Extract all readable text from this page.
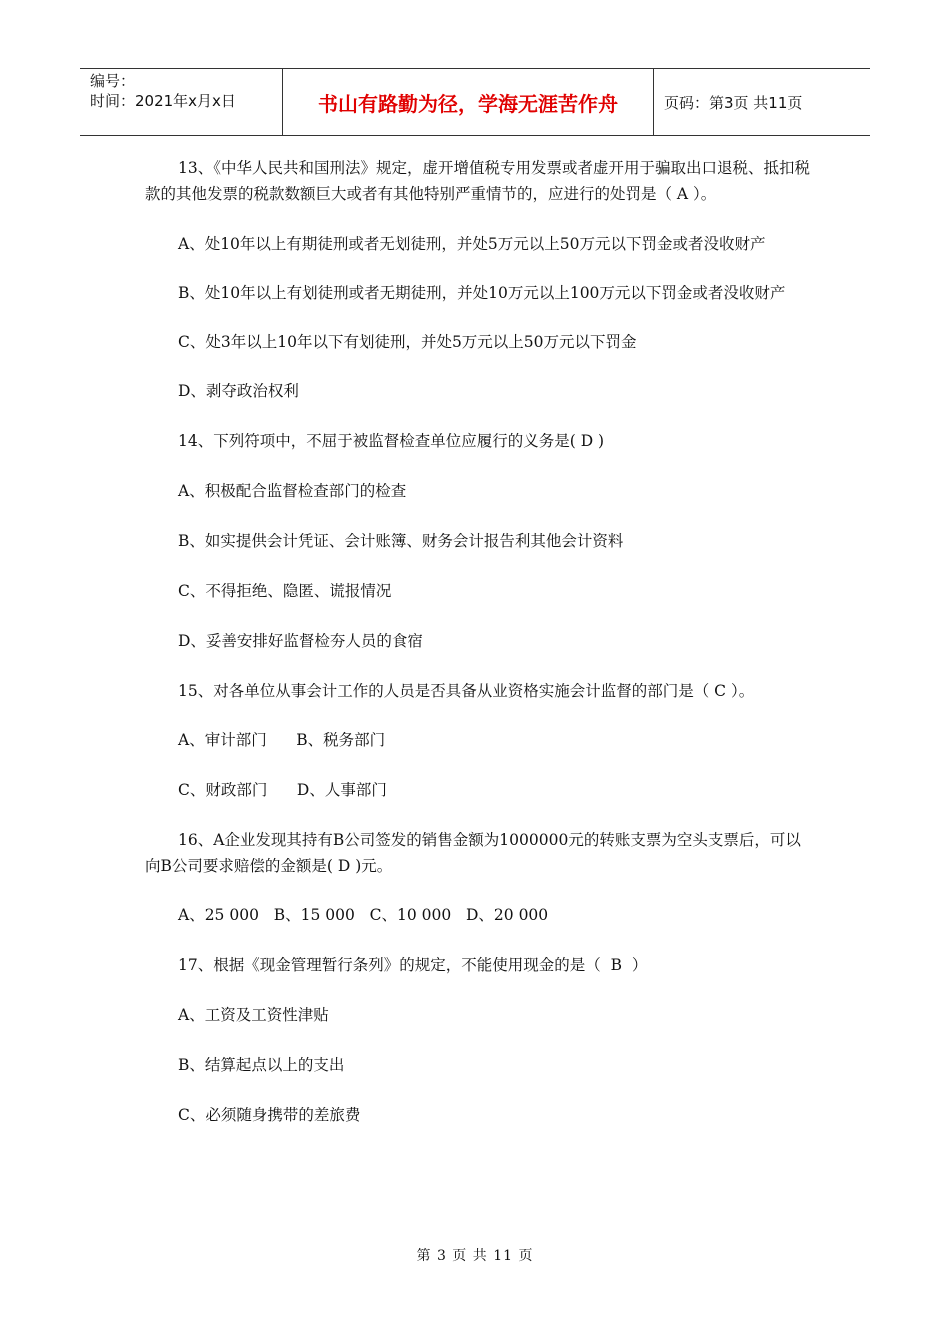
编号：
时间：2021年x月x日	书山有路勤为径，学海无涯苦作舟	页码：第3页 共11页

13、《中华人民共和国刑法》规定，虚开增值税专用发票或者虚开用于骗取出口退税、抵扣税款的其他发票的税款数额巨大或者有其他特别严重情节的，应进行的处罚是（ A ）。

A、处10年以上有期徒刑或者无划徒刑，并处5万元以上50万元以下罚金或者没收财产

B、处10年以上有划徒刑或者无期徒刑，并处10万元以上100万元以下罚金或者没收财产

C、处3年以上10年以下有划徒刑，并处5万元以上50万元以下罚金

D、剥夺政治权利

14、下列符项中，不屈于被监督检查单位应履行的义务是( D )

A、积极配合监督检查部门的检查

B、如实提供会计凭证、会计账簿、财务会计报告利其他会计资料

C、不得拒绝、隐匿、谎报情况

D、妥善安排好监督检夯人员的食宿

15、对各单位从事会计工作的人员是否具备从业资格实施会计监督的部门是（ C ）。

A、审计部门      B、税务部门

C、财政部门      D、人事部门

16、A企业发现其持有B公司签发的销售金额为1000000元的转账支票为空头支票后，可以向B公司要求赔偿的金额是( D )元。

A、25 000   B、15 000   C、10 000   D、20 000

17、根据《现金管理暂行条列》的规定，不能使用现金的是（  B  ）

A、工资及工资性津贴

B、结算起点以上的支出

C、必须随身携带的差旅费

第 3 页 共 11 页
